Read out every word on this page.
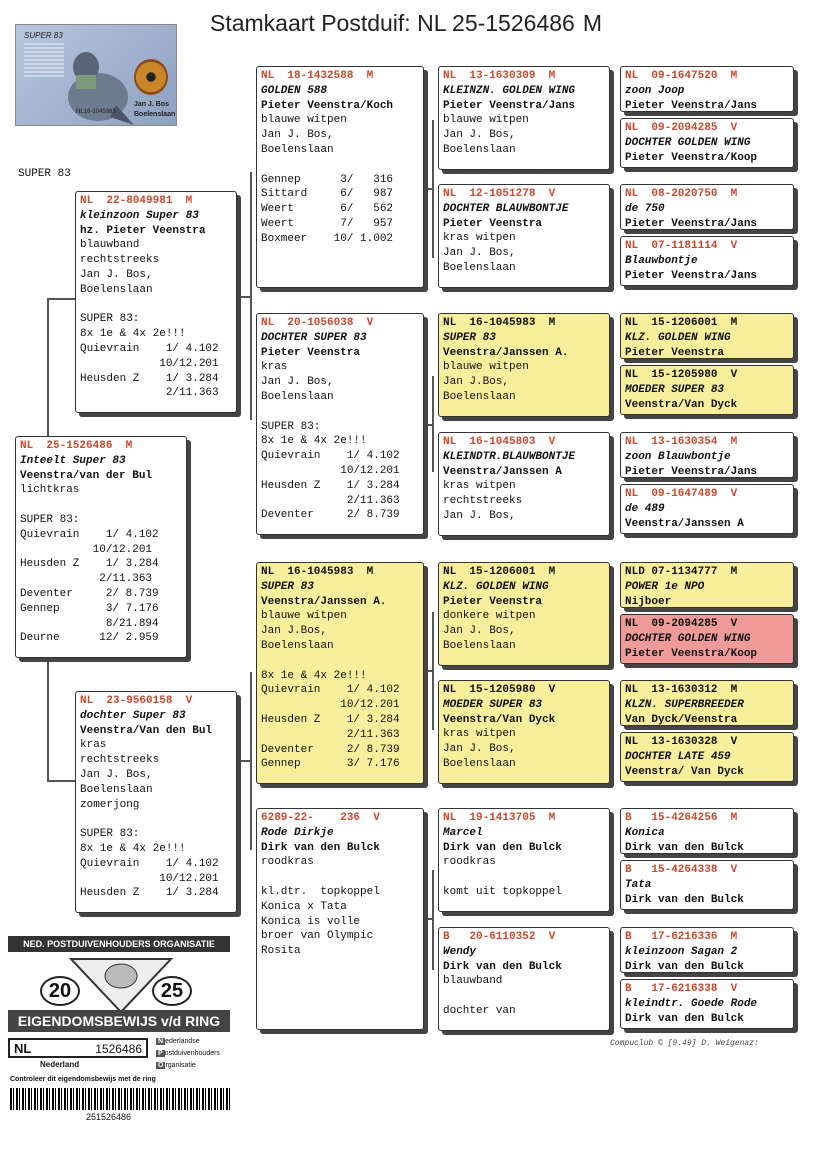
Stamkaart Postduif: NL 25-1526486 M
SUPER 83
NL16-1045983
Jan J. Bos
Boelenslaan
SUPER 83
NL  25-1526486  M
Inteelt Super 83
Veenstra/van der Bul
lichtkras

SUPER 83:
Quievrain    1/ 4.102
10/12.201
Heusden Z    1/ 3.284
2/11.363
Deventer     2/ 8.739
Gennep       3/ 7.176
8/21.894
Deurne      12/ 2.959
NL  22-8049981  M
kleinzoon Super 83
hz. Pieter Veenstra
blauwband
rechtstreeks
Jan J. Bos,
Boelenslaan

SUPER 83:
8x 1e & 4x 2e!!!
Quievrain    1/ 4.102
10/12.201
Heusden Z    1/ 3.284
2/11.363
NL  23-9560158  V
dochter Super 83
Veenstra/Van den Bul
kras
rechtstreeks
Jan J. Bos,
Boelenslaan
zomerjong

SUPER 83:
8x 1e & 4x 2e!!!
Quievrain    1/ 4.102
10/12.201
Heusden Z    1/ 3.284
NL  18-1432588  M
GOLDEN 588
Pieter Veenstra/Koch
blauwe witpen
Jan J. Bos,
Boelenslaan

Gennep      3/   316
Sittard     6/   987
Weert       6/   562
Weert       7/   957
Boxmeer    10/ 1.002
NL  20-1056038  V
DOCHTER SUPER 83
Pieter Veenstra
kras
Jan J. Bos,
Boelenslaan

SUPER 83:
8x 1e & 4x 2e!!!
Quievrain    1/ 4.102
10/12.201
Heusden Z    1/ 3.284
2/11.363
Deventer     2/ 8.739
NL  16-1045983  M
SUPER 83
Veenstra/Janssen A.
blauwe witpen
Jan J.Bos,
Boelenslaan

8x 1e & 4x 2e!!!
Quievrain    1/ 4.102
10/12.201
Heusden Z    1/ 3.284
2/11.363
Deventer     2/ 8.739
Gennep       3/ 7.176
6289-22-    236  V
Rode Dirkje
Dirk van den Bulck
roodkras

kl.dtr.  topkoppel
Konica x Tata
Konica is volle
broer van Olympic
Rosita
NL  13-1630309  M
KLEINZN. GOLDEN WING
Pieter Veenstra/Jans
blauwe witpen
Jan J. Bos,
Boelenslaan
NL  12-1051278  V
DOCHTER BLAUWBONTJE
Pieter Veenstra
kras witpen
Jan J. Bos,
Boelenslaan
NL  16-1045983  M
SUPER 83
Veenstra/Janssen A.
blauwe witpen
Jan J.Bos,
Boelenslaan
NL  16-1045803  V
KLEINDTR.BLAUWBONTJE
Veenstra/Janssen A
kras witpen
rechtstreeks
Jan J. Bos,
NL  15-1206001  M
KLZ. GOLDEN WING
Pieter Veenstra
donkere witpen
Jan J. Bos,
Boelenslaan
NL  15-1205980  V
MOEDER SUPER 83
Veenstra/Van Dyck
kras witpen
Jan J. Bos,
Boelenslaan
NL  19-1413705  M
Marcel
Dirk van den Bulck
roodkras

komt uit topkoppel
B   20-6110352  V
Wendy
Dirk van den Bulck
blauwband

dochter van
NL  09-1647520  M
zoon Joop
Pieter Veenstra/Jans
NL  09-2094285  V
DOCHTER GOLDEN WING
Pieter Veenstra/Koop
NL  08-2020750  M
de 750
Pieter Veenstra/Jans
NL  07-1181114  V
Blauwbontje
Pieter Veenstra/Jans
NL  15-1206001  M
KLZ. GOLDEN WING
Pieter Veenstra
NL  15-1205980  V
MOEDER SUPER 83
Veenstra/Van Dyck
NL  13-1630354  M
zoon Blauwbontje
Pieter Veenstra/Jans
NL  09-1647489  V
de 489
Veenstra/Janssen A
NLD 07-1134777  M
POWER 1e NPO
Nijboer
NL  09-2094285  V
DOCHTER GOLDEN WING
Pieter Veenstra/Koop
NL  13-1630312  M
KLZN. SUPERBREEDER
Van Dyck/Veenstra
NL  13-1630328  V
DOCHTER LATE 459
Veenstra/ Van Dyck
B   15-4264256  M
Konica
Dirk van den Bulck
B   15-4264338  V
Tata
Dirk van den Bulck
B   17-6216336  M
kleinzoon Sagan 2
Dirk van den Bulck
B   17-6216338  V
kleindtr. Goede Rode
Dirk van den Bulck
Compuclub © [9.49] D. Weigenaz:
NED. POSTDUIVENHOUDERS ORGANISATIE
20	25
EIGENDOMSBEWIJS v/d RING
NL	1526486
Nederland
N ederlandse
P ostduivenhouders
O rganisatie
Controleer dit eigendomsbewijs met de ring
251526486
